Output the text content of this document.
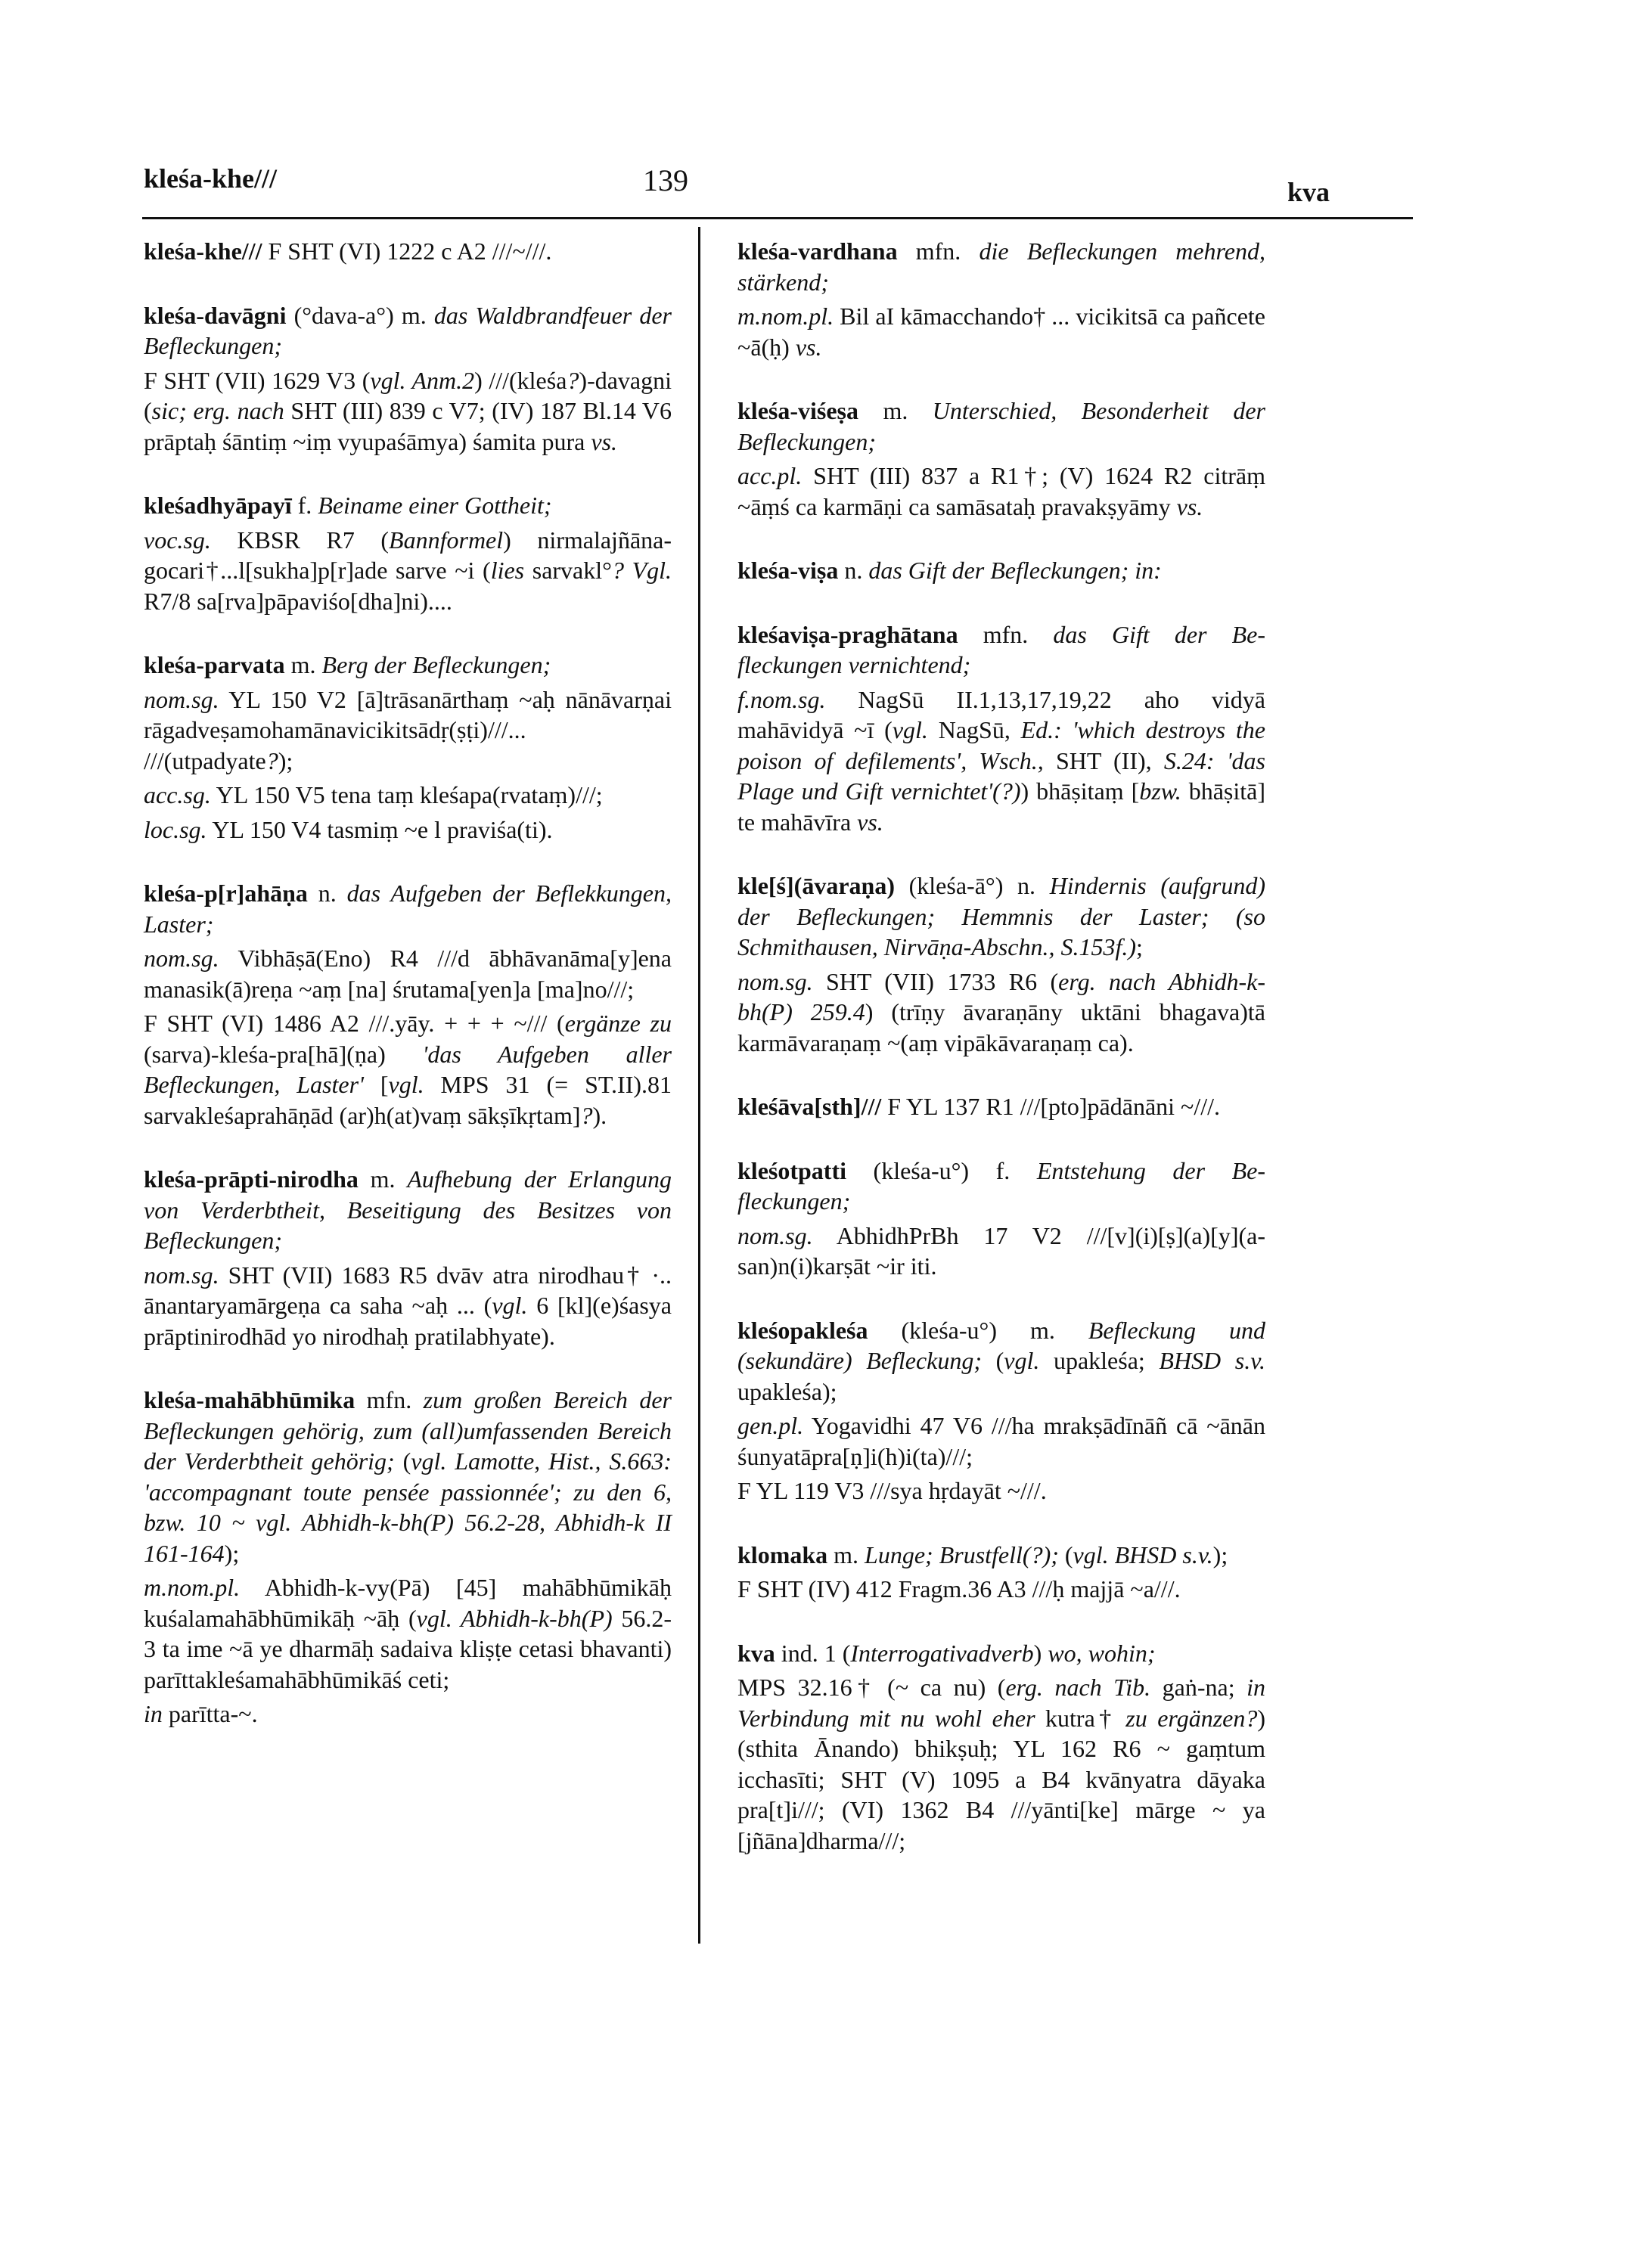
kleśa-khe///	139	kva

kleśa-khe/// F SHT (VI) 1222 c A2 ///~///.

kleśa-davāgni (°dava-a°) m. das Waldbrandfeuer der Befleckungen;

F SHT (VII) 1629 V3 (vgl. Anm.2) ///(kleśa?)-davagni (sic; erg. nach SHT (III) 839 c V7; (IV) 187 Bl.14 V6 prāptaḥ śāntiṃ ~iṃ vyupaśāmya) śamita pura vs.

kleśadhyāpayī f. Beiname einer Gottheit;

voc.sg. KBSR R7 (Bannformel) nirmalajñānagocari†...l[sukha]p[r]ade sarve ~i (lies sarvakl°? Vgl. R7/8 sa[rva]pāpaviśo[dha]ni)....

kleśa-parvata m. Berg der Befleckungen;

nom.sg. YL 150 V2 [ā]trāsanārthaṃ ~aḥ nānāvarṇai rāgadveṣamohamānavicikitsādṛ(ṣṭi)///... ///(utpadyate?);

acc.sg. YL 150 V5 tena taṃ kleśapa(rvataṃ)///;

loc.sg. YL 150 V4 tasmiṃ ~e l praviśa(ti).

kleśa-p[r]ahāṇa n. das Aufgeben der Beflekkungen, Laster;

nom.sg. Vibhāṣā(Eno) R4 ///d ābhāvanāma[y]ena manasik(ā)reṇa ~aṃ [na] śrutama[yen]a [ma]no///;

F SHT (VI) 1486 A2 ///.yāy. + + + ~/// (ergänze zu (sarva)-kleśa-pra[hā](ṇa) 'das Aufgeben aller Befleckungen, Laster' [vgl. MPS 31 (= ST.II).81 sarvakleśaprahāṇād (ar)h(at)vaṃ sākṣīkṛtam]?).

kleśa-prāpti-nirodha m. Aufhebung der Erlangung von Verderbtheit, Beseitigung des Besitzes von Befleckungen;

nom.sg. SHT (VII) 1683 R5 dvāv atra nirodhau† ·.. ānantaryamārgeṇa ca saha ~aḥ ... (vgl. 6 [kl](e)śasya prāptinirodhād yo nirodhaḥ pratilabhyate).

kleśa-mahābhūmika mfn. zum großen Bereich der Befleckungen gehörig, zum (all)umfassenden Bereich der Verderbtheit gehörig; (vgl. Lamotte, Hist., S.663: 'accompagnant toute pensée passionnée'; zu den 6, bzw. 10 ~ vgl. Abhidh-k-bh(P) 56.2-28, Abhidh-k II 161-164);

m.nom.pl. Abhidh-k-vy(Pā) [45] mahābhūmikāḥ kuśalamahābhūmikāḥ ~āḥ (vgl. Abhidh-k-bh(P) 56.2-3 ta ime ~ā ye dharmāḥ sadaiva kliṣṭe cetasi bhavanti) parīttakleśamahābhūmikāś ceti;

in parītta-~.

kleśa-vardhana mfn. die Befleckungen mehrend, stärkend;

m.nom.pl. Bil aI kāmacchando† ... vicikitsā ca pañcete ~ā(ḥ) vs.

kleśa-viśeṣa m. Unterschied, Besonderheit der Befleckungen;

acc.pl. SHT (III) 837 a R1†; (V) 1624 R2 citrāṃ ~āṃś ca karmāṇi ca samāsataḥ pravakṣyāmy vs.

kleśa-viṣa n. das Gift der Befleckungen; in:

kleśaviṣa-praghātana mfn. das Gift der Befleckungen vernichtend;

f.nom.sg. NagSū II.1,13,17,19,22 aho vidyā mahāvidyā ~ī (vgl. NagSū, Ed.: 'which destroys the poison of defilements', Wsch., SHT (II), S.24: 'das Plage und Gift vernichtet'(?)) bhāṣitaṃ [bzw. bhāṣitā] te mahāvīra vs.

kle[ś](āvaraṇa) (kleśa-ā°) n. Hindernis (aufgrund) der Befleckungen; Hemmnis der Laster; (so Schmithausen, Nirvāṇa-Abschn., S.153f.);

nom.sg. SHT (VII) 1733 R6 (erg. nach Abhidh-k-bh(P) 259.4) (trīṇy āvaraṇāny uktāni bhagava)tā karmāvaraṇaṃ ~(aṃ vipākāvaraṇaṃ ca).

kleśāva[sth]/// F YL 137 R1 ///[pto]pādānāni ~///.

kleśotpatti (kleśa-u°) f. Entstehung der Befleckungen;

nom.sg. AbhidhPrBh 17 V2 ///[v](i)[ṣ](a)[y](asan)n(i)karṣāt ~ir iti.

kleśopakleśa (kleśa-u°) m. Befleckung und (sekundäre) Befleckung; (vgl. upakleśa; BHSD s.v. upakleśa);

gen.pl. Yogavidhi 47 V6 ///ha mrakṣādīnāñ cā ~ānān śunyatāpra[ṇ]i(h)i(ta)///;

F YL 119 V3 ///sya hṛdayāt ~///.

klomaka m. Lunge; Brustfell(?); (vgl. BHSD s.v.);

F SHT (IV) 412 Fragm.36 A3 ///ḥ majjā ~a///.

kva ind. 1 (Interrogativadverb) wo, wohin;

MPS 32.16† (~ ca nu) (erg. nach Tib. gaṅ-na; in Verbindung mit nu wohl eher kutra† zu ergänzen?) (sthita Ānando) bhikṣuḥ; YL 162 R6 ~ gaṃtum icchasīti; SHT (V) 1095 a B4 kvānyatra dāyaka pra[t]i///; (VI) 1362 B4 ///yānti[ke] mārge ~ ya [jñāna]dharma///;
